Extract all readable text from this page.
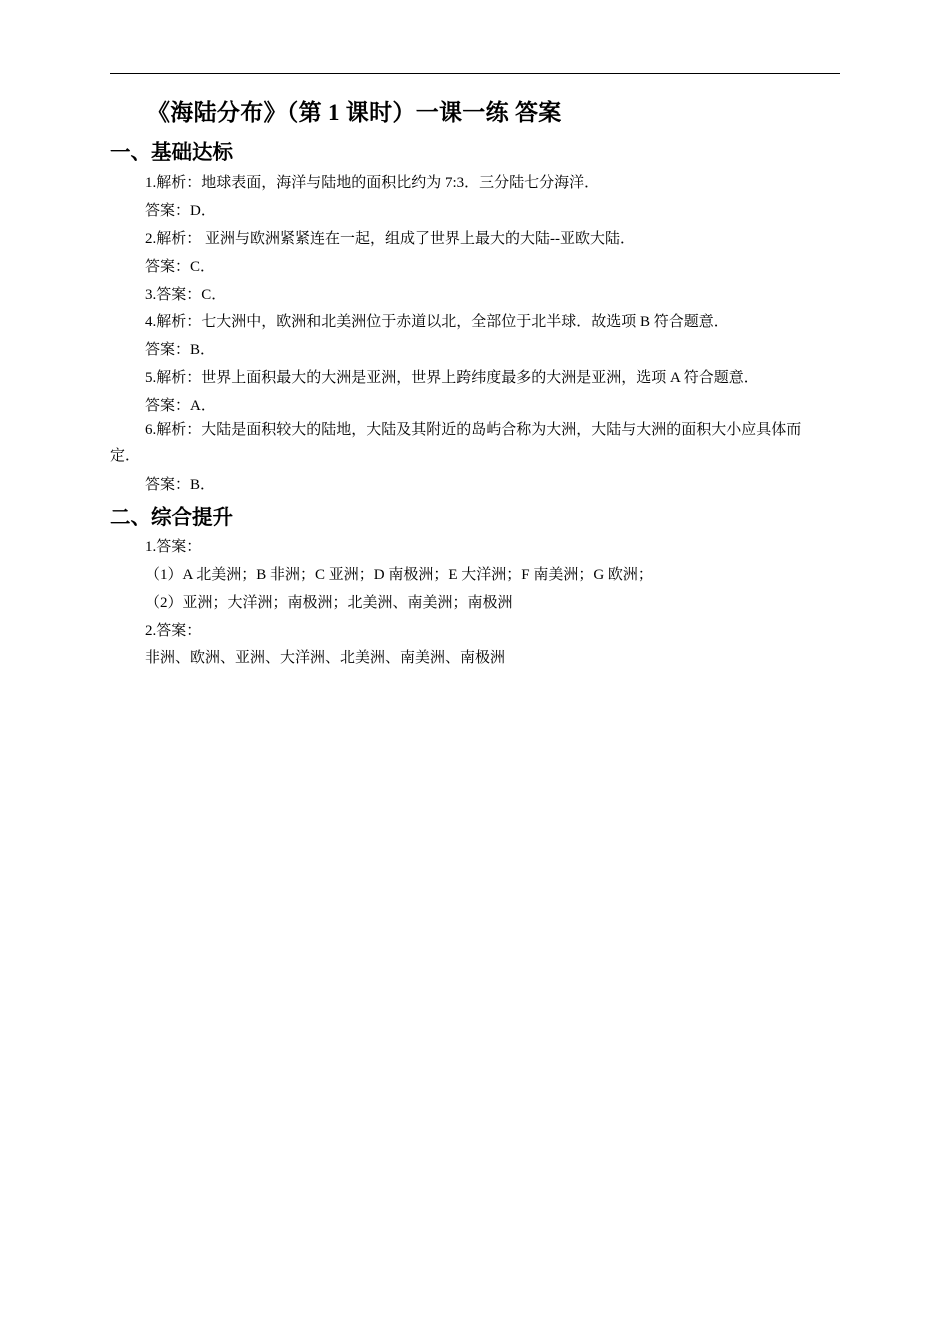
《海陆分布》（第 1 课时）一课一练 答案
一、基础达标
1.解析：地球表面，海洋与陆地的面积比约为 7:3．三分陆七分海洋．
答案：D．
2.解析： 亚洲与欧洲紧紧连在一起，组成了世界上最大的大陆--亚欧大陆．
答案：C．
3.答案：C．
4.解析：七大洲中，欧洲和北美洲位于赤道以北，全部位于北半球．故选项 B 符合题意．
答案：B．
5.解析：世界上面积最大的大洲是亚洲，世界上跨纬度最多的大洲是亚洲，选项 A 符合题意．
答案：A．
6.解析：大陆是面积较大的陆地，大陆及其附近的岛屿合称为大洲，大陆与大洲的面积大小应具体而定．
答案：B．
二、综合提升
1.答案：
（1）A 北美洲；B 非洲；C 亚洲；D 南极洲；E 大洋洲；F 南美洲；G 欧洲；
（2）亚洲；大洋洲；南极洲；北美洲、南美洲；南极洲
2.答案：
非洲、欧洲、亚洲、大洋洲、北美洲、南美洲、南极洲
